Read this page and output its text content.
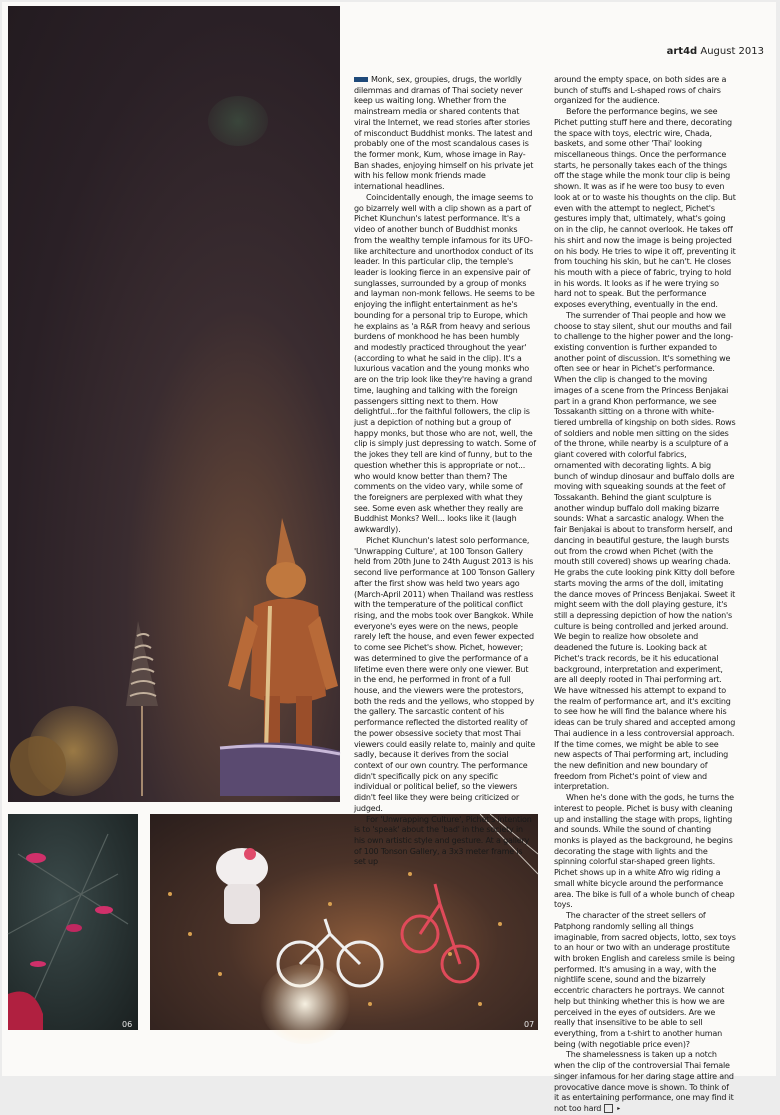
06	07
art4d August 2013

Monk, sex, groupies, drugs, the worldly dilemmas and dramas of Thai society never keep us waiting long. Whether from the mainstream media or shared contents that viral the Internet, we read stories after stories of misconduct Buddhist monks. The latest and probably one of the most scandalous cases is the former monk, Kum, whose image in Ray-Ban shades, enjoying himself on his private jet with his fellow monk friends made international headlines.

Coincidentally enough, the image seems to go bizarrely well with a clip shown as a part of Pichet Klunchun's latest performance. It's a video of another bunch of Buddhist monks from the wealthy temple infamous for its UFO-like architecture and unorthodox conduct of its leader. In this particular clip, the temple's leader is looking fierce in an expensive pair of sunglasses, surrounded by a group of monks and layman non-monk fellows. He seems to be enjoying the inflight entertainment as he's bounding for a personal trip to Europe, which he explains as 'a R&R from heavy and serious burdens of monkhood he has been humbly and modestly practiced throughout the year' (according to what he said in the clip). It's a luxurious vacation and the young monks who are on the trip look like they're having a grand time, laughing and talking with the foreign passengers sitting next to them. How delightful...for the faithful followers, the clip is just a depiction of nothing but a group of happy monks, but those who are not, well, the clip is simply just depressing to watch. Some of the jokes they tell are kind of funny, but to the question whether this is appropriate or not... who would know better than them? The comments on the video vary, while some of the foreigners are perplexed with what they see. Some even ask whether they really are Buddhist Monks? Well... looks like it (laugh awkwardly).

Pichet Klunchun's latest solo performance, 'Unwrapping Culture', at 100 Tonson Gallery held from 20th June to 24th August 2013 is his second live performance at 100 Tonson Gallery after the first show was held two years ago (March-April 2011) when Thailand was restless with the temperature of the political conflict rising, and the mobs took over Bangkok. While everyone's eyes were on the news, people rarely left the house, and even fewer expected to come see Pichet's show. Pichet, however; was determined to give the performance of a lifetime even there were only one viewer. But in the end, he performed in front of a full house, and the viewers were the protestors, both the reds and the yellows, who stopped by the gallery. The sarcastic content of his performance reflected the distorted reality of the power obsessive society that most Thai viewers could easily relate to, mainly and quite sadly, because it derives from the social context of our own country. The performance didn't specifically pick on any specific individual or political belief, so the viewers didn't feel like they were being criticized or judged.

For 'Unwrapping Culture', Pichet's intention is to 'speak' about the 'bad' in the society in his own artistic style and gesture. At a gallery of 100 Tonson Gallery, a 3x3 meter frame is set up

around the empty space, on both sides are a bunch of stuffs and L-shaped rows of chairs organized for the audience.

Before the performance begins, we see Pichet putting stuff here and there, decorating the space with toys, electric wire, Chada, baskets, and some other 'Thai' looking miscellaneous things. Once the performance starts, he personally takes each of the things off the stage while the monk tour clip is being shown. It was as if he were too busy to even look at or to waste his thoughts on the clip. But even with the attempt to neglect, Pichet's gestures imply that, ultimately, what's going on in the clip, he cannot overlook. He takes off his shirt and now the image is being projected on his body. He tries to wipe it off, preventing it from touching his skin, but he can't. He closes his mouth with a piece of fabric, trying to hold in his words. It looks as if he were trying so hard not to speak. But the performance exposes everything, eventually in the end.

The surrender of Thai people and how we choose to stay silent, shut our mouths and fail to challenge to the higher power and the long-existing convention is further expanded to another point of discussion. It's something we often see or hear in Pichet's performance. When the clip is changed to the moving images of a scene from the Princess Benjakai part in a grand Khon performance, we see Tossakanth sitting on a throne with white-tiered umbrella of kingship on both sides. Rows of soldiers and noble men sitting on the sides of the throne, while nearby is a sculpture of a giant covered with colorful fabrics, ornamented with decorating lights. A big bunch of windup dinosaur and buffalo dolls are moving with squeaking sounds at the feet of Tossakanth. Behind the giant sculpture is another windup buffalo doll making bizarre sounds: What a sarcastic analogy. When the fair Benjakai is about to transform herself, and dancing in beautiful gesture, the laugh bursts out from the crowd when Pichet (with the mouth still covered) shows up wearing chada. He grabs the cute looking pink Kitty doll before starts moving the arms of the doll, imitating the dance moves of Princess Benjakai. Sweet it might seem with the doll playing gesture, it's still a depressing depiction of how the nation's culture is being controlled and jerked around. We begin to realize how obsolete and deadened the future is. Looking back at Pichet's track records, be it his educational background, interpretation and experiment, are all deeply rooted in Thai performing art. We have witnessed his attempt to expand to the realm of performance art, and it's exciting to see how he will find the balance where his ideas can be truly shared and accepted among Thai audience in a less controversial approach. If the time comes, we might be able to see new aspects of Thai performing art, including the new definition and new boundary of freedom from Pichet's point of view and interpretation.

When he's done with the gods, he turns the interest to people. Pichet is busy with cleaning up and installing the stage with props, lighting and sounds. While the sound of chanting monks is played as the background, he begins decorating the stage with lights and the spinning colorful star-shaped green lights. Pichet shows up in a white Afro wig riding a small white bicycle around the performance area. The bike is full of a whole bunch of cheap toys.

The character of the street sellers of Patphong randomly selling all things imaginable, from sacred objects, lotto, sex toys to an hour or two with an underage prostitute with broken English and careless smile is being performed. It's amusing in a way, with the nightlife scene, sound and the bizarrely eccentric characters he portrays. We cannot help but thinking whether this is how we are perceived in the eyes of outsiders. Are we really that insensitive to be able to sell everything, from a t-shirt to another human being (with negotiable price even)?

The shamelessness is taken up a notch when the clip of the controversial Thai female singer infamous for her daring stage attire and provocative dance move is shown. To think of it as entertaining performance, one may find it not too hard	▸
